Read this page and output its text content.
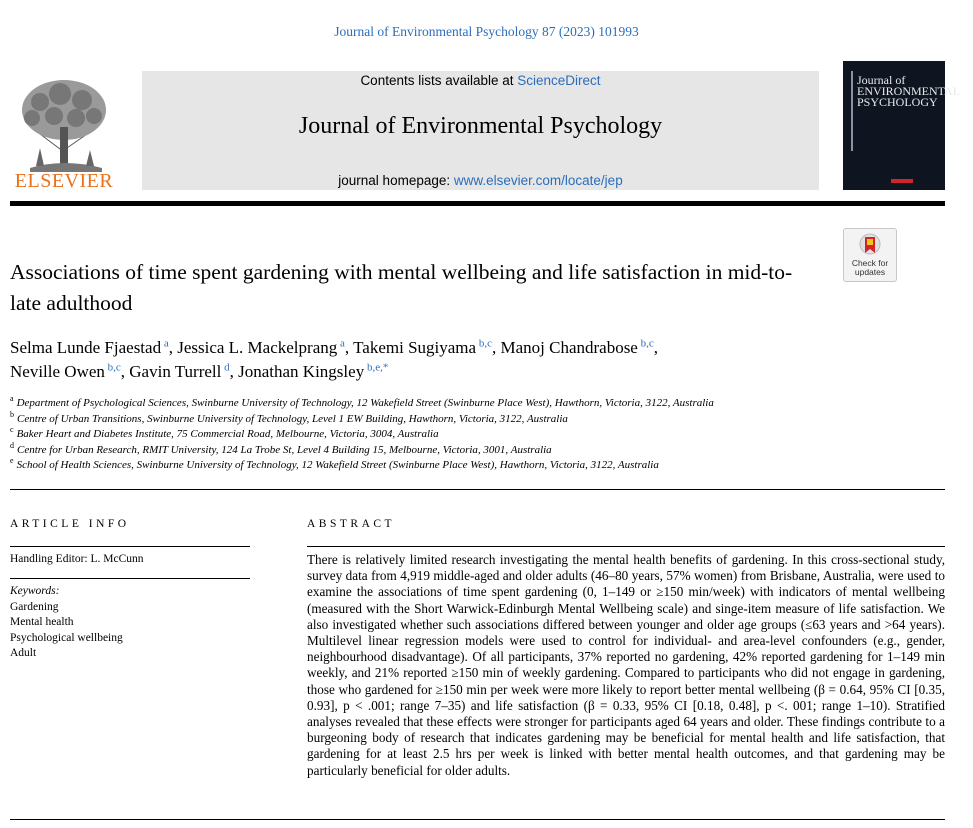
Journal of Environmental Psychology 87 (2023) 101993
ELSEVIER
Contents lists available at ScienceDirect
Journal of Environmental Psychology
journal homepage: www.elsevier.com/locate/jep
Journal of ENVIRONMENTAL PSYCHOLOGY
Check for updates
Associations of time spent gardening with mental wellbeing and life satisfaction in mid-to-late adulthood
Selma Lunde Fjaestad $^a$, Jessica L. Mackelprang $^a$, Takemi Sugiyama $^{b,c}$, Manoj Chandrabose $^{b,c}$,
Neville Owen $^{b,c}$, Gavin Turrell $^d$, Jonathan Kingsley $^{b,e,*}$
$^a$ Department of Psychological Sciences, Swinburne University of Technology, 12 Wakefield Street (Swinburne Place West), Hawthorn, Victoria, 3122, Australia
$^b$ Centre of Urban Transitions, Swinburne University of Technology, Level 1 EW Building, Hawthorn, Victoria, 3122, Australia
$^c$ Baker Heart and Diabetes Institute, 75 Commercial Road, Melbourne, Victoria, 3004, Australia
$^d$ Centre for Urban Research, RMIT University, 124 La Trobe St, Level 4 Building 15, Melbourne, Victoria, 3001, Australia
$^e$ School of Health Sciences, Swinburne University of Technology, 12 Wakefield Street (Swinburne Place West), Hawthorn, Victoria, 3122, Australia
ARTICLE INFO	ABSTRACT
Handling Editor: L. McCunn
Keywords:
Gardening
Mental health
Psychological wellbeing
Adult
There is relatively limited research investigating the mental health benefits of gardening. In this cross-sectional study, survey data from 4,919 middle-aged and older adults (46–80 years, 57% women) from Brisbane, Australia, were used to examine the associations of time spent gardening (0, 1–149 or ≥150 min/week) with indicators of mental wellbeing (measured with the Short Warwick-Edinburgh Mental Wellbeing scale) and singe-item measure of life satisfaction. We also investigated whether such associations differed between younger and older age groups (≤63 years and >64 years). Multilevel linear regression models were used to control for individual- and area-level confounders (e.g., gender, neighbourhood disadvantage). Of all participants, 37% reported no gardening, 42% reported gardening for 1–149 min weekly, and 21% reported ≥150 min of weekly gardening. Compared to participants who did not engage in gardening, those who gardened for ≥150 min per week were more likely to report better mental wellbeing (β = 0.64, 95% CI [0.35, 0.93], p < .001; range 7–35) and life satisfaction (β = 0.33, 95% CI [0.18, 0.48], p <. 001; range 1–10). Stratified analyses revealed that these effects were stronger for participants aged 64 years and older. These findings contribute to a burgeoning body of research that indicates gardening may be beneficial for mental health and life satisfaction, that gardening for at least 2.5 hrs per week is linked with better mental health outcomes, and that gardening may be particularly beneficial for older adults.
